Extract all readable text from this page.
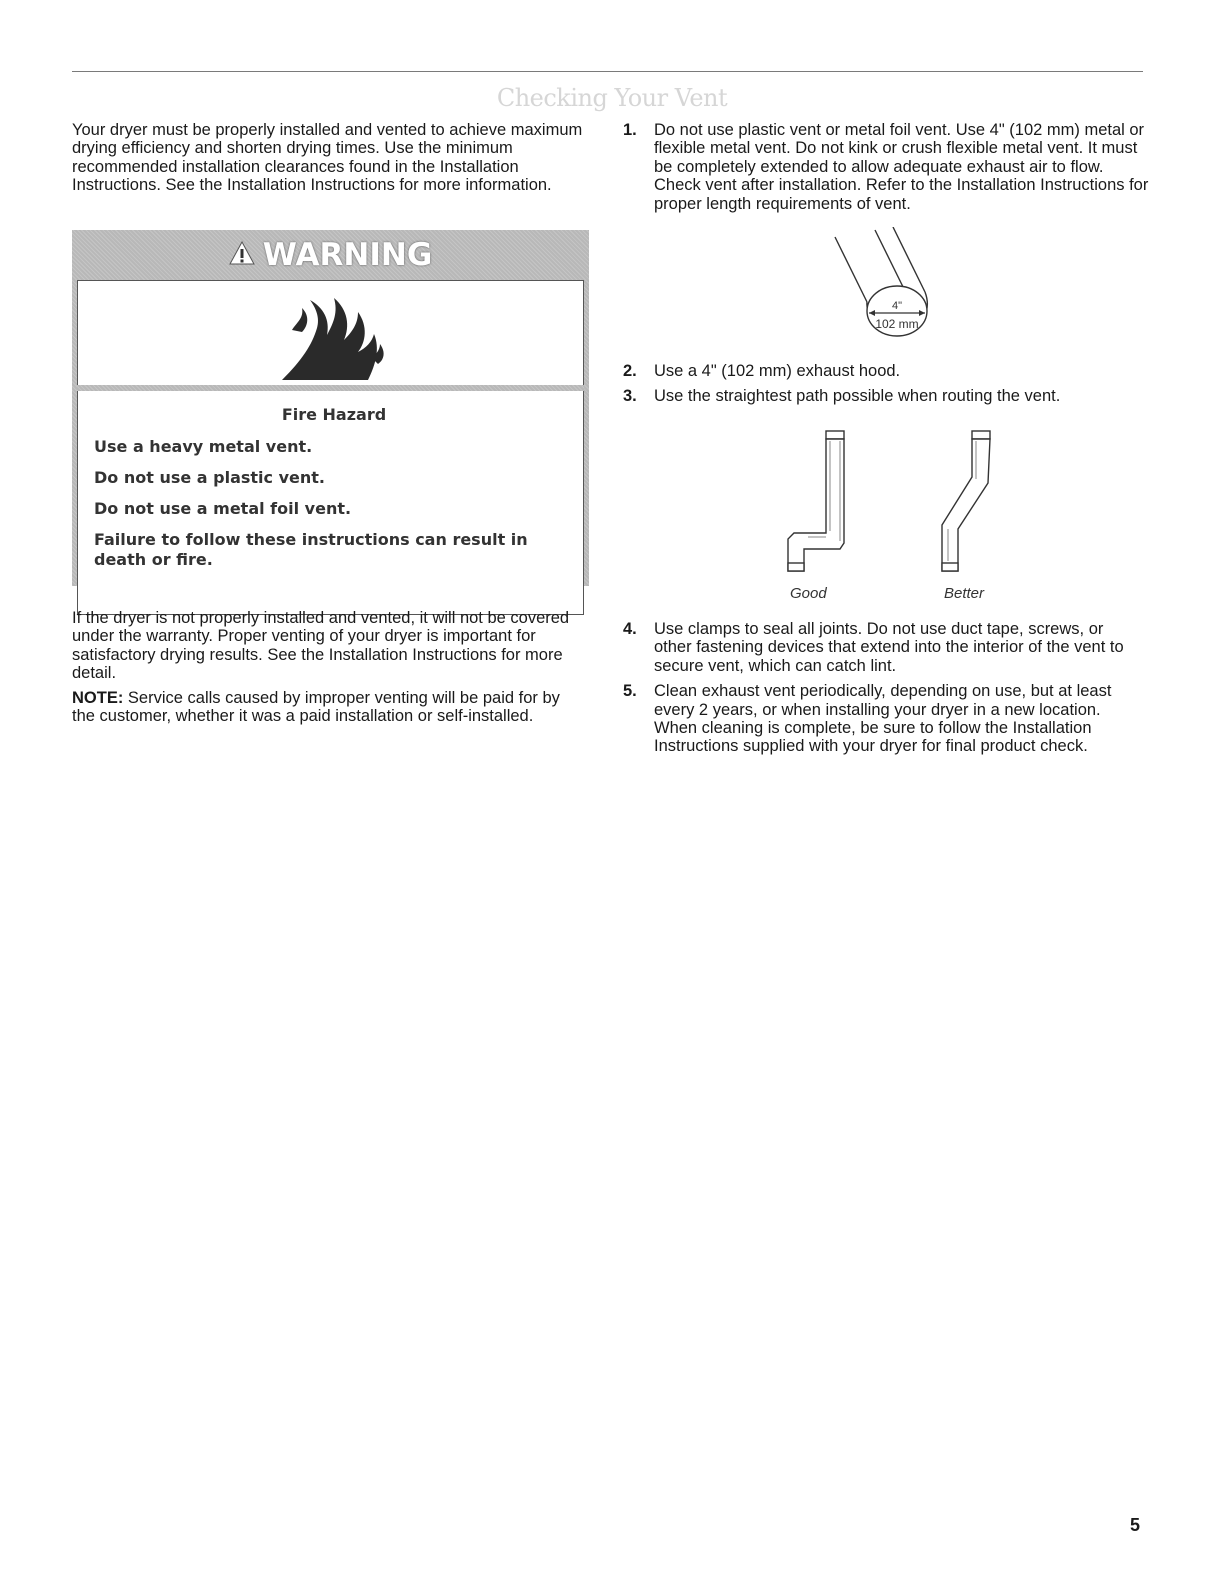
Checking Your Vent

Your dryer must be properly installed and vented to achieve maximum drying efficiency and shorten drying times. Use the minimum recommended installation clearances found in the Installation Instructions. See the Installation Instructions for more information.

WARNING
Fire Hazard
Use a heavy metal vent.
Do not use a plastic vent.
Do not use a metal foil vent.
Failure to follow these instructions can result in death or fire.

If the dryer is not properly installed and vented, it will not be covered under the warranty. Proper venting of your dryer is important for satisfactory drying results. See the Installation Instructions for more detail.

NOTE: Service calls caused by improper venting will be paid for by the customer, whether it was a paid installation or self-installed.

1.	Do not use plastic vent or metal foil vent. Use 4" (102 mm) metal or flexible metal vent. Do not kink or crush flexible metal vent. It must be completely extended to allow adequate exhaust air to flow. Check vent after installation. Refer to the Installation Instructions for proper length requirements of vent.
4"
102 mm
2.	Use a 4" (102 mm) exhaust hood.
3.	Use the straightest path possible when routing the vent.
Good	Better
4.	Use clamps to seal all joints. Do not use duct tape, screws, or other fastening devices that extend into the interior of the vent to secure vent, which can catch lint.
5.	Clean exhaust vent periodically, depending on use, but at least every 2 years, or when installing your dryer in a new location. When cleaning is complete, be sure to follow the Installation Instructions supplied with your dryer for final product check.
5
